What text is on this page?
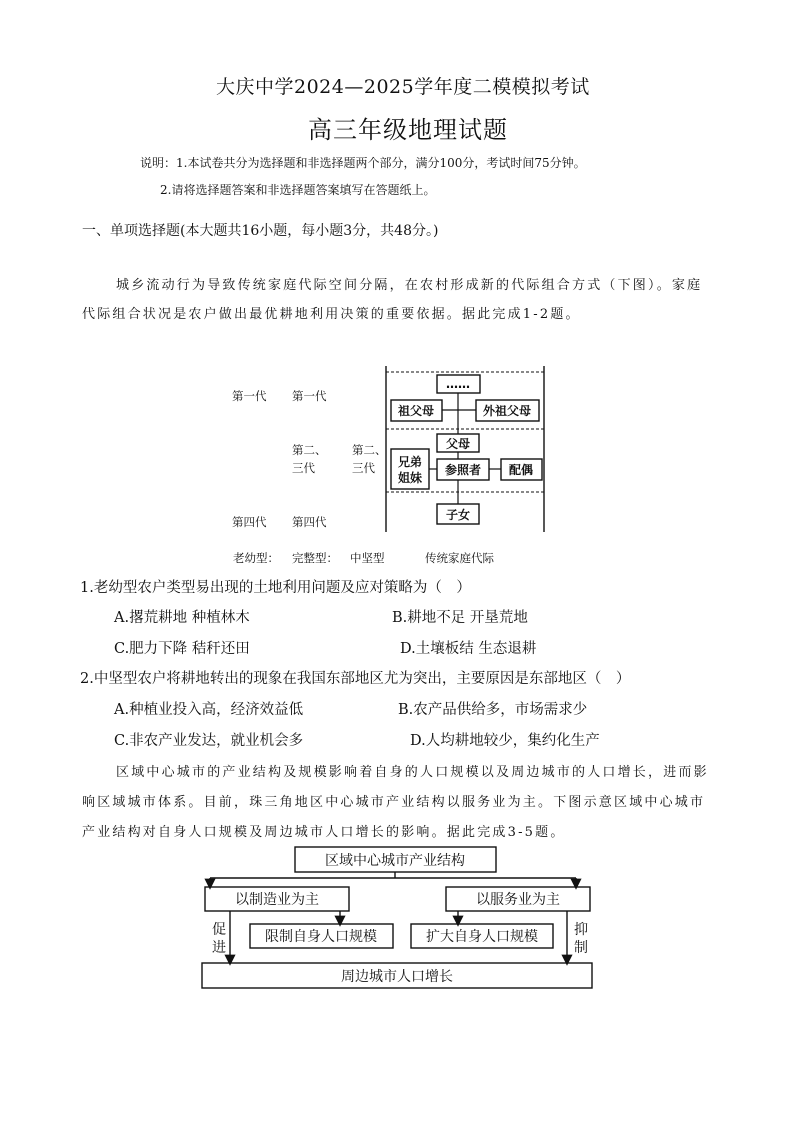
大庆中学2024—2025学年度二模模拟考试
高三年级地理试题
说明：1.本试卷共分为选择题和非选择题两个部分，满分100分，考试时间75分钟。
2.请将选择题答案和非选择题答案填写在答题纸上。
一、单项选择题(本大题共16小题，每小题3分，共48分。)
城乡流动行为导致传统家庭代际空间分隔，在农村形成新的代际组合方式（下图）。家庭
代际组合状况是农户做出最优耕地利用决策的重要依据。据此完成1-2题。
第一代 第一代
第二、
三代
第二、
三代
第四代 第四代
……
祖父母	外祖父母
父母
兄弟
姐妹
参照者 配偶
子女
老幼型： 完整型： 中坚型	传统家庭代际
1.老幼型农户类型易出现的土地利用问题及应对策略为（　）
A.撂荒耕地 种植林木	B.耕地不足 开垦荒地
C.肥力下降 秸秆还田	D.土壤板结 生态退耕
2.中坚型农户将耕地转出的现象在我国东部地区尤为突出，主要原因是东部地区（　）
A.种植业投入高，经济效益低	B.农产品供给多，市场需求少
C.非农产业发达，就业机会多	D.人均耕地较少，集约化生产
区域中心城市的产业结构及规模影响着自身的人口规模以及周边城市的人口增长，进而影
响区域城市体系。目前，珠三角地区中心城市产业结构以服务业为主。下图示意区域中心城市
产业结构对自身人口规模及周边城市人口增长的影响。据此完成3-5题。
区域中心城市产业结构
以制造业为主	以服务业为主
限制自身人口规模	扩大自身人口规模
周边城市人口增长
促
进
抑
制
